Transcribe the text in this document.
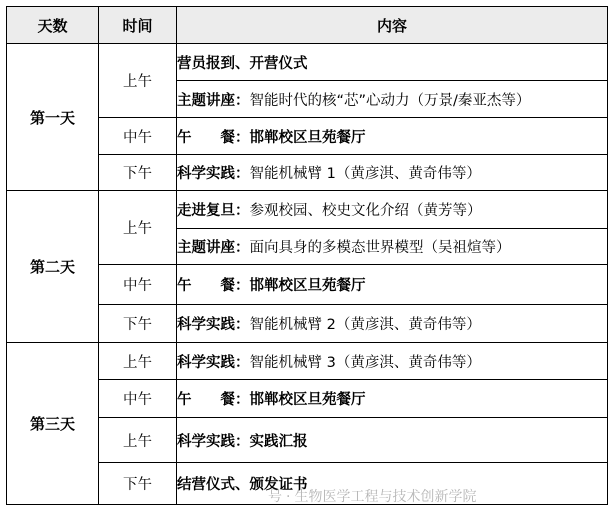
天数	时间	内容
第一天	上午	营员报到、开营仪式
		主题讲座：智能时代的核“芯”心动力（万景/秦亚杰等）
	中午	午　　餐：邯郸校区旦苑餐厅
	下午	科学实践：智能机械臂 1（黄彦淇、黄奇伟等）
第二天	上午	走进复旦：参观校园、校史文化介绍（黄芳等）
		主题讲座：面向具身的多模态世界模型（吴祖煊等）
	中午	午　　餐：邯郸校区旦苑餐厅
	下午	科学实践：智能机械臂 2（黄彦淇、黄奇伟等）
第三天	上午	科学实践：智能机械臂 3（黄彦淇、黄奇伟等）
	中午	午　　餐：邯郸校区旦苑餐厅
	上午	科学实践：实践汇报
	下午	结营仪式、颁发证书
号 · 生物医学工程与技术创新学院
